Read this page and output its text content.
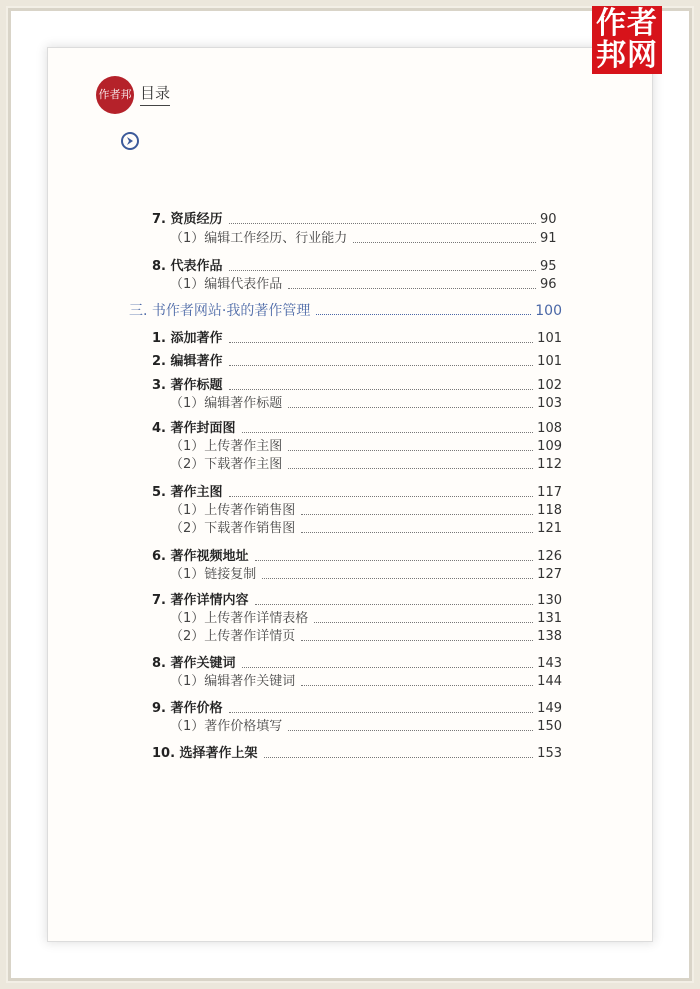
作者
邦网
作者邦 目录
7. 资质经历	90
（1）编辑工作经历、行业能力	91
8. 代表作品	95
（1）编辑代表作品	96
三. 书作者网站·我的著作管理	100
1. 添加著作	101
2. 编辑著作	101
3. 著作标题	102
（1）编辑著作标题	103
4. 著作封面图	108
（1）上传著作主图	109
（2）下载著作主图	112
5. 著作主图	117
（1）上传著作销售图	118
（2）下载著作销售图	121
6. 著作视频地址	126
（1）链接复制	127
7. 著作详情内容	130
（1）上传著作详情表格	131
（2）上传著作详情页	138
8. 著作关键词	143
（1）编辑著作关键词	144
9. 著作价格	149
（1）著作价格填写	150
10. 选择著作上架	153
